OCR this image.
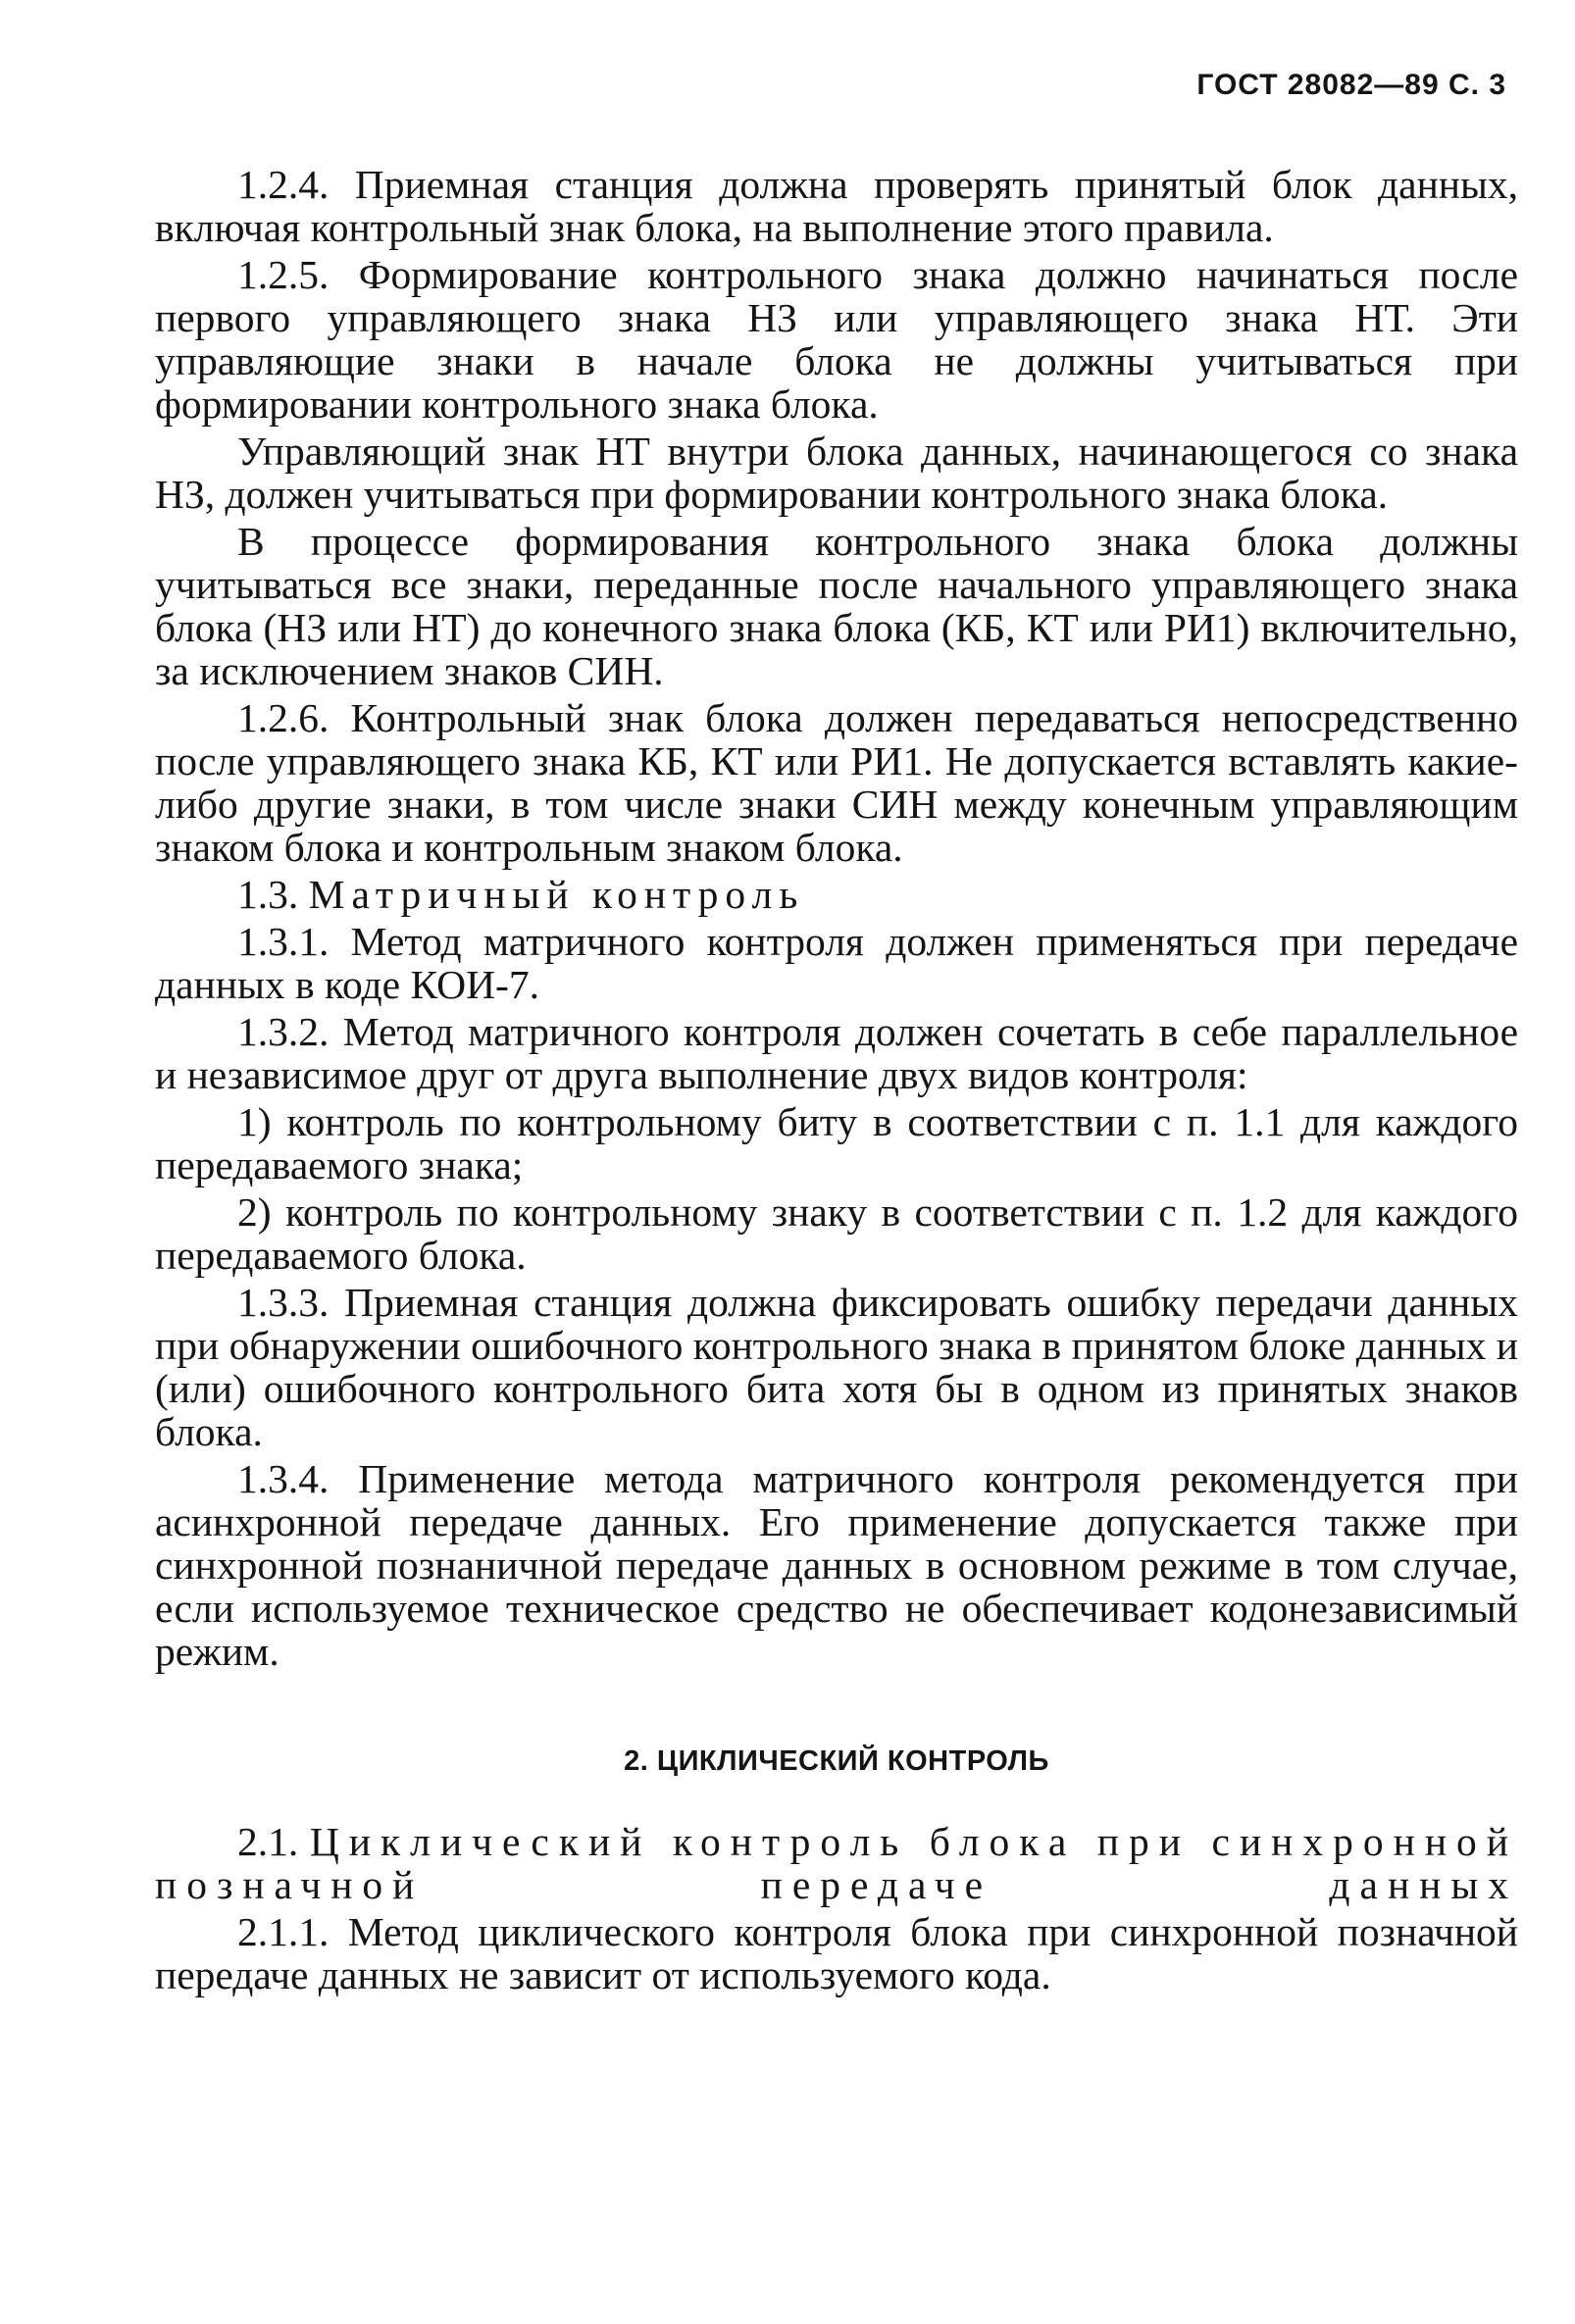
ГОСТ 28082—89 С. 3

1.2.4. Приемная станция должна проверять принятый блок данных, включая контрольный знак блока, на выполнение этого правила.

1.2.5. Формирование контрольного знака должно начинаться после первого управляющего знака НЗ или управляющего знака НТ. Эти управляющие знаки в начале блока не должны учитываться при формировании контрольного знака блока.

Управляющий знак НТ внутри блока данных, начинающегося со знака НЗ, должен учитываться при формировании контрольного знака блока.

В процессе формирования контрольного знака блока должны учитываться все знаки, переданные после начального управляющего знака блока (НЗ или НТ) до конечного знака блока (КБ, КТ или РИ1) включительно, за исключением знаков СИН.

1.2.6. Контрольный знак блока должен передаваться непосредственно после управляющего знака КБ, КТ или РИ1. Не допускается вставлять какие-либо другие знаки, в том числе знаки СИН между конечным управляющим знаком блока и контрольным знаком блока.

1.3. Матричный контроль

1.3.1. Метод матричного контроля должен применяться при передаче данных в коде КОИ-7.

1.3.2. Метод матричного контроля должен сочетать в себе параллельное и независимое друг от друга выполнение двух видов контроля:

1) контроль по контрольному биту в соответствии с п. 1.1 для каждого передаваемого знака;

2) контроль по контрольному знаку в соответствии с п. 1.2 для каждого передаваемого блока.

1.3.3. Приемная станция должна фиксировать ошибку передачи данных при обнаружении ошибочного контрольного знака в принятом блоке данных и (или) ошибочного контрольного бита хотя бы в одном из принятых знаков блока.

1.3.4. Применение метода матричного контроля рекомендуется при асинхронной передаче данных. Его применение допускается также при синхронной познаничной передаче данных в основном режиме в том случае, если используемое техническое средство не обеспечивает кодонезависимый режим.

2. ЦИКЛИЧЕСКИЙ КОНТРОЛЬ

2.1. Циклический контроль блока при синхронной позначной передаче данных

2.1.1. Метод циклического контроля блока при синхронной позначной передаче данных не зависит от используемого кода.
